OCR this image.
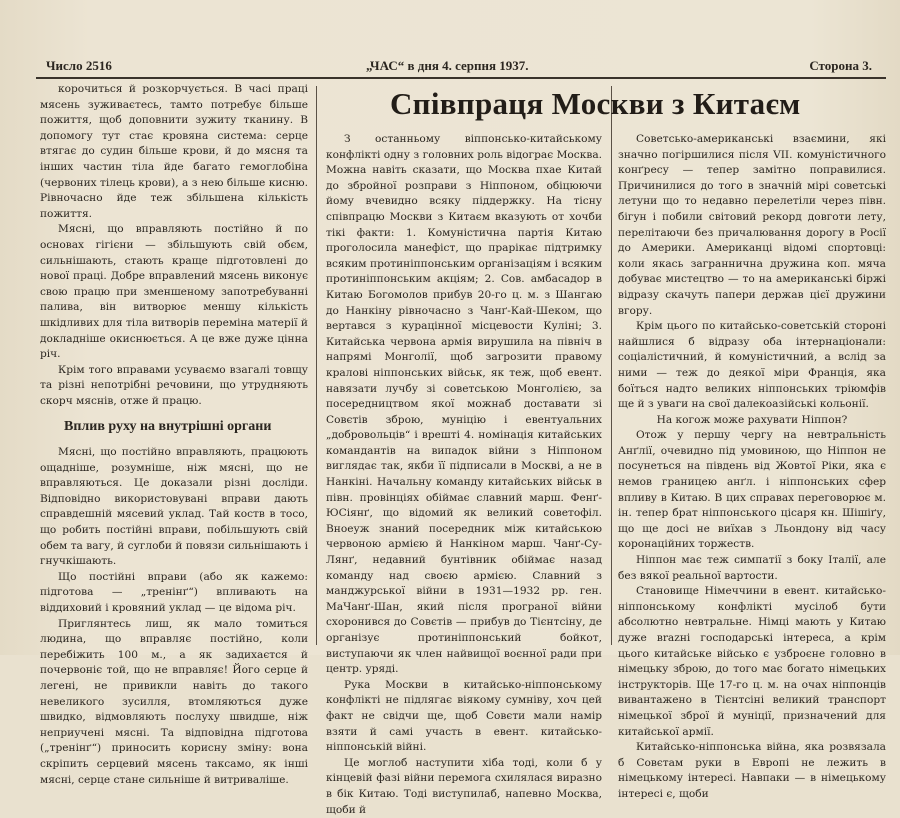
Число 2516	„ЧАС“ в дня 4. серпня 1937.	Сторона 3.
Співпраця Москви з Китаєм

корочиться й розкорчується. В часі праці мясень зуживаєтесь, тамто потребує більше пожиття, щоб доповнити зужиту тканину. В допомогу тут стає кровяна система: серце втягає до судин більше крови, й до мясня та інших частин тіла йде багато гемоглобіна (червоних тілець крови), а з нею більше кисню. Рівночасно йде теж збільшена кількість пожиття.

Мясні, що вправляють постійно й по основах гігієни — збільшують свій обєм, сильнішають, стають краще підготовлені до нової праці. Добре вправлений мясень виконує свою працю при зменшеному запотребуванні палива, він витворює меншу кількість шкідливих для тіла витворів переміна матерії й докладніше окиснюється. А це вже дуже цінна річ.

Крім того вправами усуваємо взагалі товщу та різні непотрібні речовини, що утрудняють скорч мяснів, отже й працю.

Вплив руху на внутрішні органи

Мясні, що постійно вправляють, працюють ощадніше, розумніше, ніж мясні, що не вправляються. Це доказали різні досліди. Відповідно використовувані вправи дають справдешній мясевий уклад. Тай коств в тoсo, що робить постійні вправи, побільшують свій обем та вагу, й суглоби й повязи сильнішають і гнучкішають.

Що постійні вправи (або як кажемо: підготова — „тренінґ“) впливають на віддиховий і кровяний уклад — це відома річ.

Приглянтесь лиш, як мало томиться людина, що вправляє постійно, коли перебіжить 100 м., а як задихаєтся й почервоніє той, що не вправляє! Його серце й легені, не привикли навіть до такого невеликого зусилля, втомляються дуже швидко, відмовляють послуху швидше, ніж неприучені мясні. Та відповідна підготова („тренінґ“) приносить корисну зміну: вона скріпить серцевий мясень таксамо, як інші мясні, серце стане сильніше й витриваліше.

З останньому віппонсько-китайському конфлікті одну з головних роль відограє Москва. Можна навіть сказати, що Москва пхае Китай до збройної розправи з Ніппоном, обіцюючи йому вчевидно всяку піддержку. На тісну співпрацю Москви з Китаєм вказують от хочби тікі факти: 1. Комуністична партія Китаю проголосила манефіст, що прарікає підтримку всяким протиніппонським організаціям і всяким протиніппонським акціям; 2. Сов. амбасадор в Китаю Богомолов прибув 20-го ц. м. з Шангаю до Нанкіну рівночасно з Чанґ-Кай-Шеком, що вертався з курацінної місцевости Куліні; 3. Китайська червона армія вирушила на північ в напрямі Монголії, щоб загрозити правому кралові ніппонських військ, як теж, щоб евент. навязати лучбу зі советською Монголією, за посередництвом якої можнаб доставати зі Совєтів зброю, муніцію і евентуальних „добровольців“ і врешті 4. номінація китайських командантів на випадок війни з Ніппоном виглядає так, якби її підписали в Москві, а не в Нанкіні. Начальну команду китайських військ в півн. провінціях обіймає славний марш. Фенґ-ЮСіянґ, що відомий як великий советофіл. Вноеуж знаний посередник між китайською червоною армією й Нанкіном марш. Чанґ-Су-Лянґ, недавний бунтівник обіймає назад команду над своєю армією. Славний з манджурської війни в 1931—1932 рр. ген. МаЧанґ-Шан, який після програної війни схоронився до Совєтів — прибув до Тієнтсіну, де організує протиніппонський бойкот, виступаючи як член найвищої воєнної ради при центр. уряді.

Рука Москви в китайсько-ніппонському конфлікті не підлягає віякому сумніву, хоч цей факт не свідчи ще, щоб Совєти мали намір взяти й самі участь в евент. китайсько-ніппонській війні.

Це мoглоб наступити хіба тоді, коли б у кінцевій фазі війни перемога схилялася виразно в бік Китаю. Тоді виступилаб, напевно Москва, щоби й

Советсько-американські взаємини, які значно погіршилися після VII. комуністичного конґресу — тепер замітно поправилися. Причинилися до того в значній мірі советські летуни що то недавно перелетіли через півн. бігун і побили світовий рекорд довготи лету, перелітаючи без причалювання дорогу в Росії до Америки. Американці відомі спортовці: коли якась заграннична дружина коп. мяча добуває мистецтво — то на американські біржі відразу скачуть папери держав цієї дружини вгору.

Крім цього по китайсько-советській стороні найшлися б відразу оба інтернаціонали: соціалістичний, й комуністичний, а вслід за ними — теж до деякої міри Франція, яка боїться надто великих ніппонських тріюмфів ще й з уваги на свої далекоазійські кольонії.

На когож може рахувати Ніппон?

Отож у першу чергу на невтральність Анґлії, очевидно під умовиною, що Ніппон не посунеться на південь від Жовтої Ріки, яка є немов границею анґл. і ніппонських сфер впливу в Китаю. В цих справах переговорює м. ін. тепер брат ніппонського цісаря кн. Шішіґу, що ще досі не виїхав з Льондону від часу коронаційних торжеств.

Ніппон має теж симпатії з боку Італії, але без вякої реальної вартости.

Становище Німеччини в евент. китайсько-ніппонському конфлікті мусілоб бути абсолютно невтральне. Німці мають у Китаю дуже вrazні господарські інтереса, а крім цього китайське військо є узброєне головно в німецьку зброю, до того має богато німецьких інструкторів. Ще 17-го ц. м. на очах ніппонців вивантажено в Тієнтсіні великий транспорт німецької зброї й муніції, призначений для китайської армії.

Китайсько-ніппонська війна, яка розвязала б Совєтам руки в Европі не лежить в німецькому інтересі. Навпаки — в німецькому інтересі є, щоби
